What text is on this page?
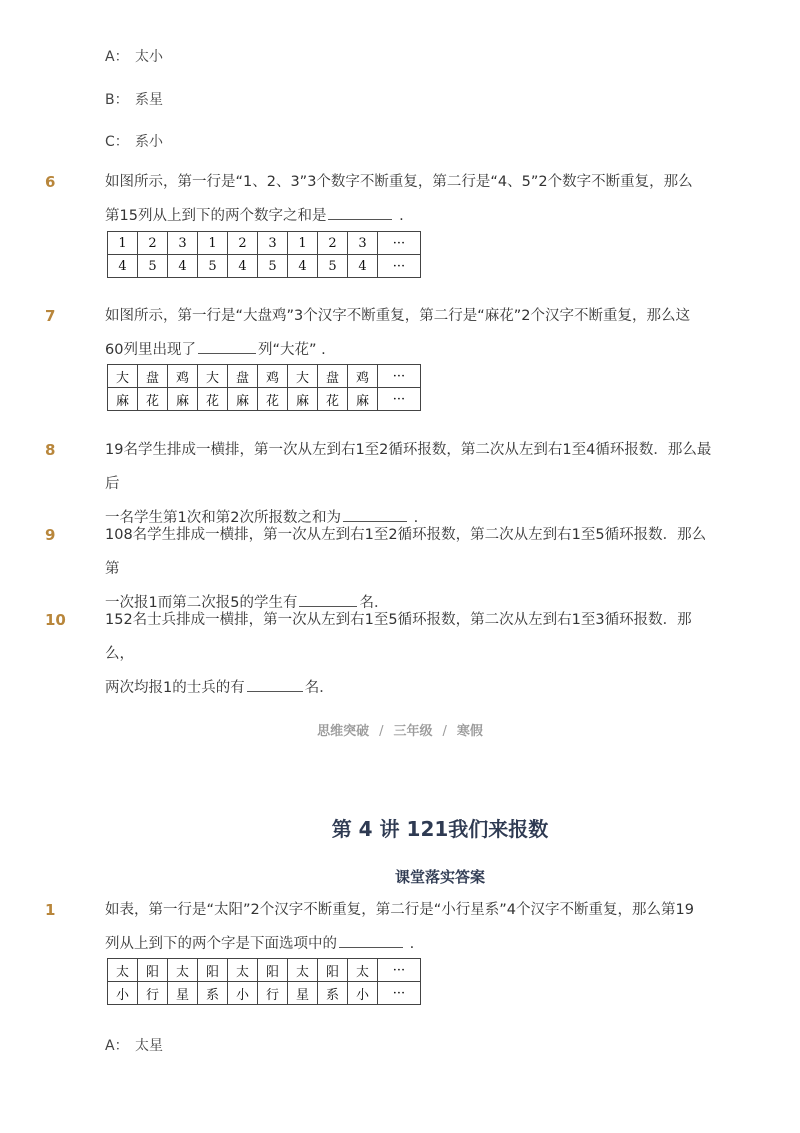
A： 太小
B： 系星
C： 系小
6	如图所示，第一行是“1、2、3”3个数字不断重复，第二行是“4、5”2个数字不断重复，那么
第15列从上到下的两个数字之和是	.
1	2	3	1	2	3	1	2	3	···
4	5	4	5	4	5	4	5	4	···
7	如图所示，第一行是“大盘鸡”3个汉字不断重复，第二行是“麻花”2个汉字不断重复，那么这
60列里出现了	列“大花” .
大	盘	鸡	大	盘	鸡	大	盘	鸡	···
麻	花	麻	花	麻	花	麻	花	麻	···
8	19名学生排成一横排，第一次从左到右1至2循环报数，第二次从左到右1至4循环报数．那么最后
一名学生第1次和第2次所报数之和为	.
9	108名学生排成一横排，第一次从左到右1至2循环报数，第二次从左到右1至5循环报数．那么第
一次报1而第二次报5的学生有	名．
10	152名士兵排成一横排，第一次从左到右1至5循环报数，第二次从左到右1至3循环报数．那么，
两次均报1的士兵的有	名．
思维突破 / 三年级 / 寒假
第 4 讲 121我们来报数
课堂落实答案
1	如表，第一行是“太阳”2个汉字不断重复，第二行是“小行星系”4个汉字不断重复，那么第19
列从上到下的两个字是下面选项中的	.
太	阳	太	阳	太	阳	太	阳	太	···
小	行	星	系	小	行	星	系	小	···
A： 太星
